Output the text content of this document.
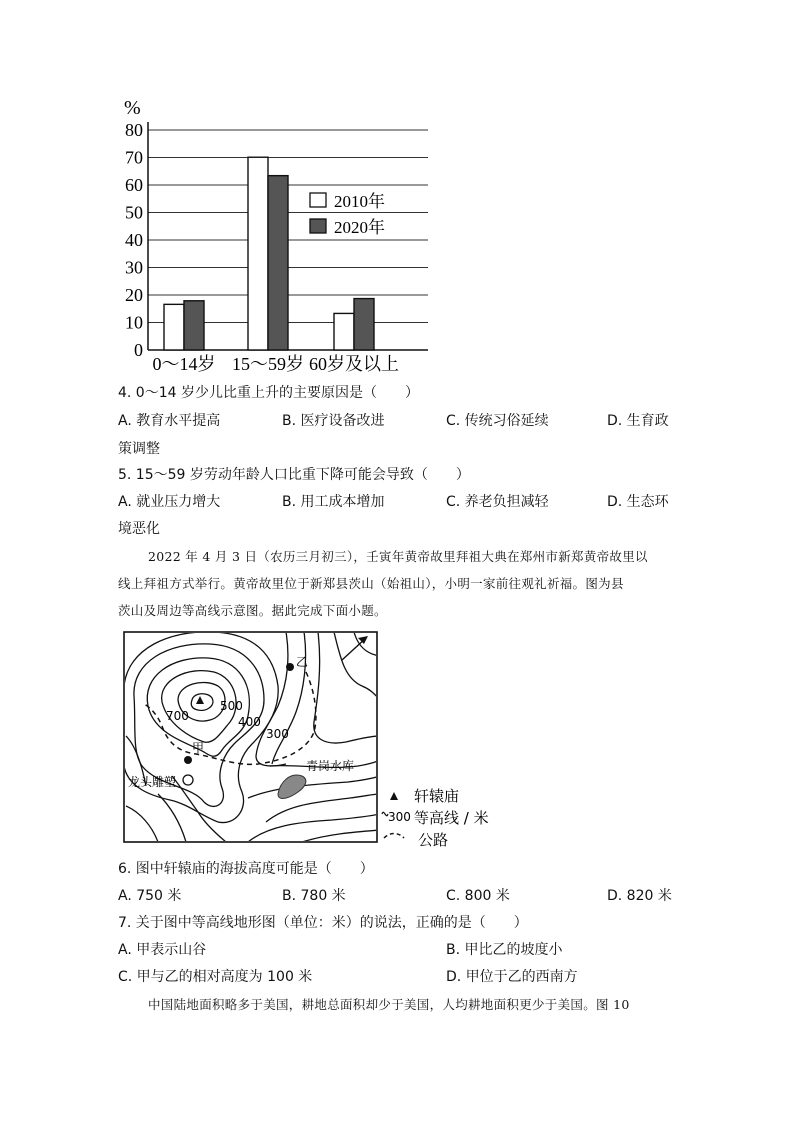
%
0
10
20
30
40
50
60
70
80
0～14岁 15～59岁 60岁及以上
2010年
2020年
4. 0～14 岁少儿比重上升的主要原因是（　　）
A. 教育水平提高	B. 医疗设备改进	C. 传统习俗延续	D. 生育政
策调整
5. 15～59 岁劳动年龄人口比重下降可能会导致（　　）
A. 就业压力增大	B. 用工成本增加	C. 养老负担减轻	D. 生态环
境恶化
2022 年 4 月 3 日（农历三月初三），壬寅年黄帝故里拜祖大典在郑州市新郑黄帝故里以
线上拜祖方式举行。黄帝故里位于新郑县茨山（始祖山），小明一家前往观礼祈福。图为县
茨山及周边等高线示意图。据此完成下面小题。
700
500
400
300
甲
乙
青岗水库
龙头雕塑
轩辕庙
300 等高线 / 米
公路
6. 图中轩辕庙的海拔高度可能是（　　）
A. 750 米	B. 780 米	C. 800 米	D. 820 米
7. 关于图中等高线地形图（单位：米）的说法，正确的是（　　）
A. 甲表示山谷	B. 甲比乙的坡度小
C. 甲与乙的相对高度为 100 米	D. 甲位于乙的西南方
中国陆地面积略多于美国，耕地总面积却少于美国，人均耕地面积更少于美国。图 10
